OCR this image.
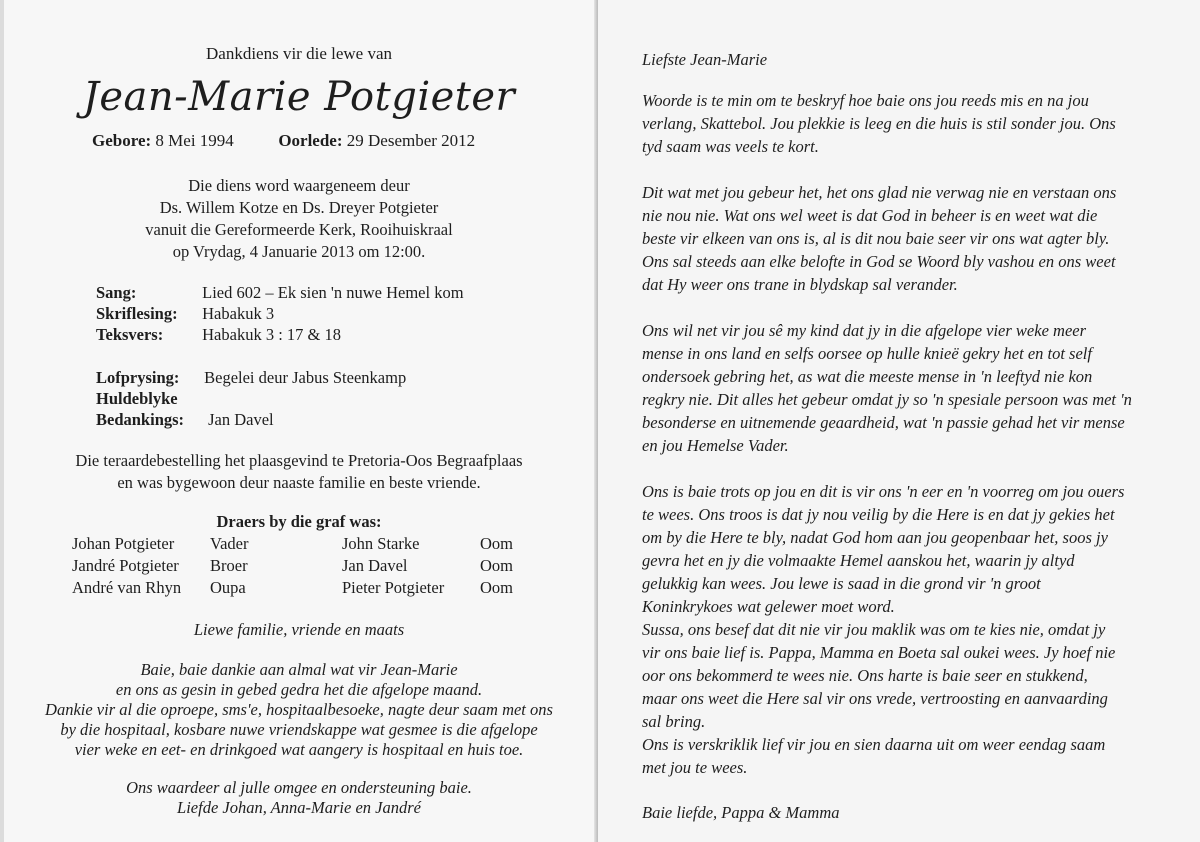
Dankdiens vir die lewe van
Jean-Marie Potgieter
Gebore: 8 Mei 1994	Oorlede: 29 Desember 2012
Die diens word waargeneem deur
Ds. Willem Kotze en Ds. Dreyer Potgieter
vanuit die Gereformeerde Kerk, Rooihuiskraal
op Vrydag, 4 Januarie 2013 om 12:00.
Sang:	Lied 602 – Ek sien 'n nuwe Hemel kom
Skriflesing: Habakuk 3
Teksvers: Habakuk 3 : 17 & 18
Lofprysing: Begelei deur Jabus Steenkamp
Huldeblyke
Bedankings: Jan Davel
Die teraardebestelling het plaasgevind te Pretoria-Oos Begraafplaas
en was bygewoon deur naaste familie en beste vriende.
Draers by die graf was:
Johan Potgieter Vader	John Starke	Oom
Jandré Potgieter Broer	Jan Davel	Oom
André van Rhyn Oupa	Pieter Potgieter Oom
Liewe familie, vriende en maats
Baie, baie dankie aan almal wat vir Jean-Marie
en ons as gesin in gebed gedra het die afgelope maand.
Dankie vir al die oproepe, sms'e, hospitaalbesoeke, nagte deur saam met ons
by die hospitaal, kosbare nuwe vriendskappe wat gesmee is die afgelope
vier weke en eet- en drinkgoed wat aangery is hospitaal en huis toe.
Ons waardeer al julle omgee en ondersteuning baie.
Liefde Johan, Anna-Marie en Jandré

Liefste Jean-Marie

Woorde is te min om te beskryf hoe baie ons jou reeds mis en na jou
verlang, Skattebol. Jou plekkie is leeg en die huis is stil sonder jou. Ons
tyd saam was veels te kort.

Dit wat met jou gebeur het, het ons glad nie verwag nie en verstaan ons
nie nou nie. Wat ons wel weet is dat God in beheer is en weet wat die
beste vir elkeen van ons is, al is dit nou baie seer vir ons wat agter bly.
Ons sal steeds aan elke belofte in God se Woord bly vashou en ons weet
dat Hy weer ons trane in blydskap sal verander.

Ons wil net vir jou sê my kind dat jy in die afgelope vier weke meer
mense in ons land en selfs oorsee op hulle knieë gekry het en tot self
ondersoek gebring het, as wat die meeste mense in 'n leeftyd nie kon
regkry nie. Dit alles het gebeur omdat jy so 'n spesiale persoon was met 'n
besonderse en uitnemende geaardheid, wat 'n passie gehad het vir mense
en jou Hemelse Vader.

Ons is baie trots op jou en dit is vir ons 'n eer en 'n voorreg om jou ouers
te wees. Ons troos is dat jy nou veilig by die Here is en dat jy gekies het
om by die Here te bly, nadat God hom aan jou geopenbaar het, soos jy
gevra het en jy die volmaakte Hemel aanskou het, waarin jy altyd
gelukkig kan wees. Jou lewe is saad in die grond vir 'n groot
Koninkrykoes wat gelewer moet word.
Sussa, ons besef dat dit nie vir jou maklik was om te kies nie, omdat jy
vir ons baie lief is. Pappa, Mamma en Boeta sal oukei wees. Jy hoef nie
oor ons bekommerd te wees nie. Ons harte is baie seer en stukkend,
maar ons weet die Here sal vir ons vrede, vertroosting en aanvaarding
sal bring.
Ons is verskriklik lief vir jou en sien daarna uit om weer eendag saam
met jou te wees.

Baie liefde, Pappa & Mamma
